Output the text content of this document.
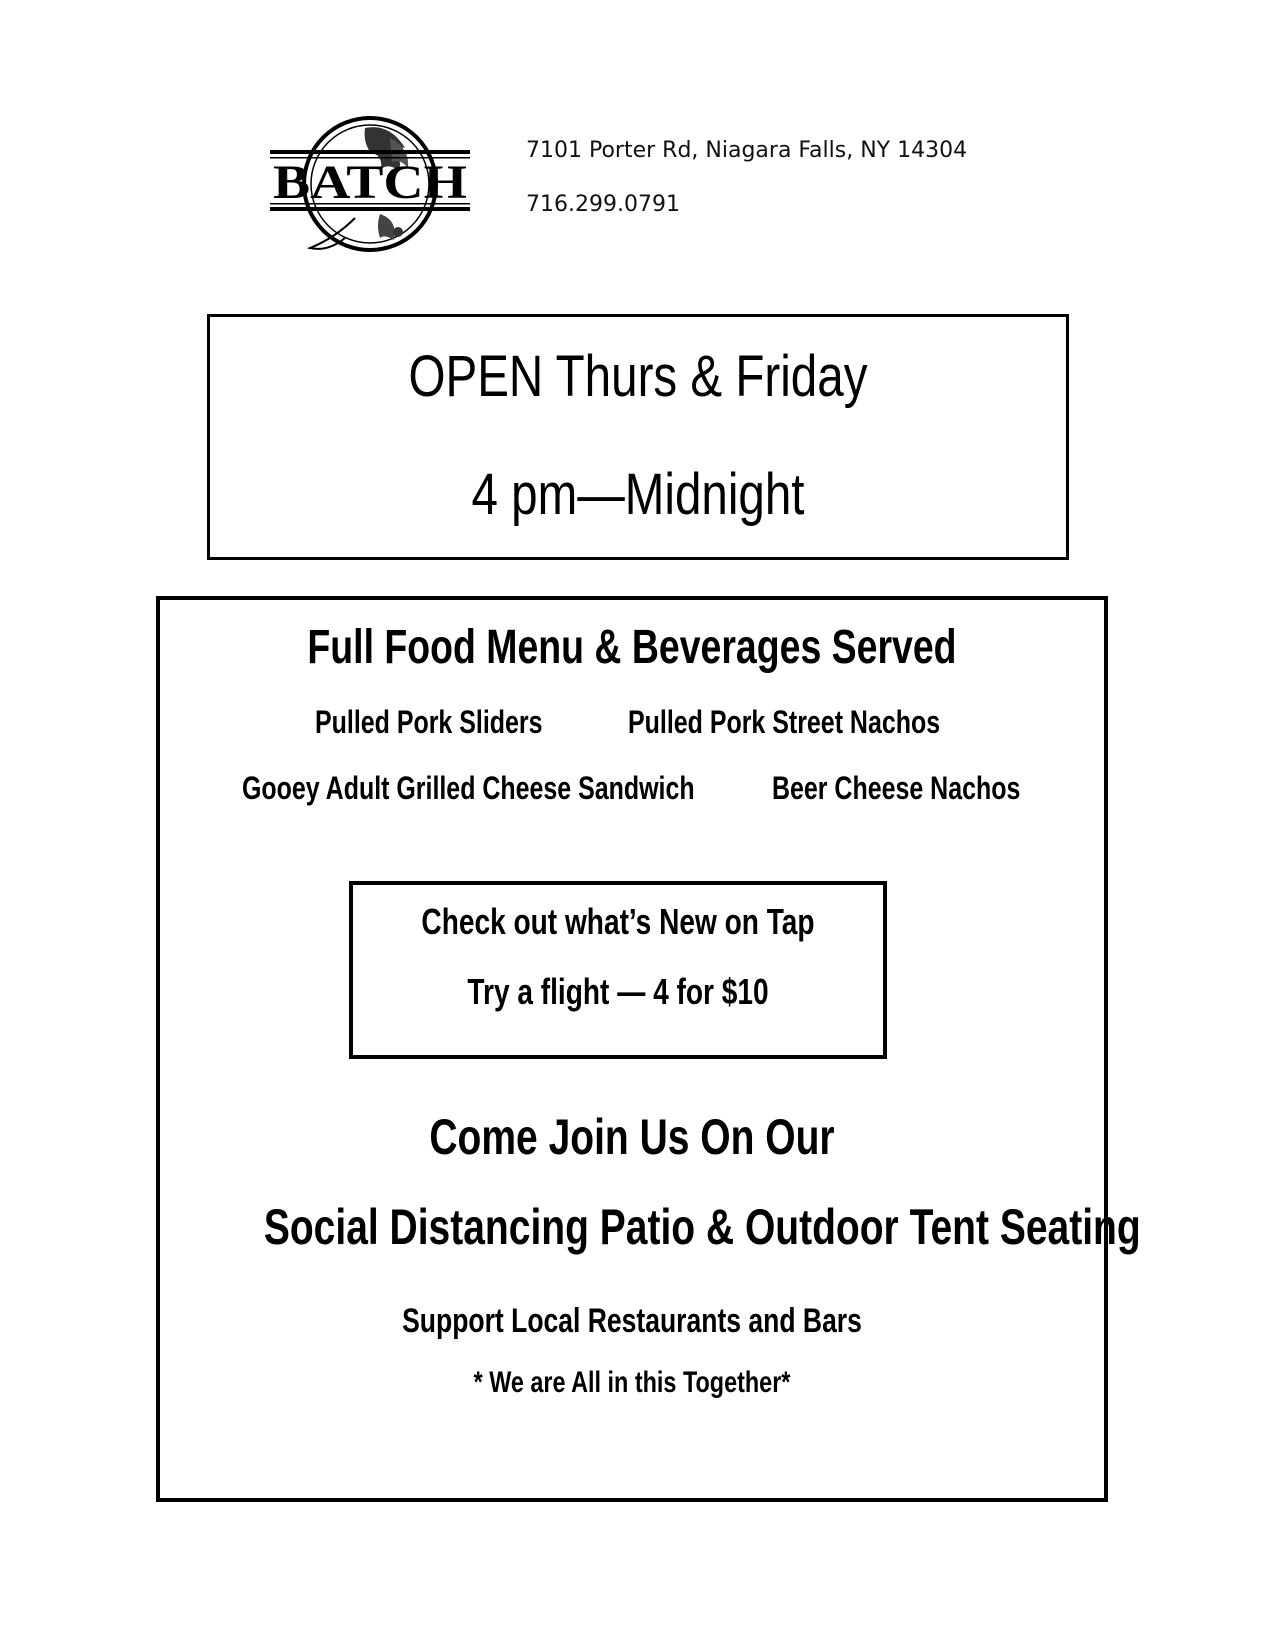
BATCH
7101 Porter Rd, Niagara Falls, NY 14304
716.299.0791
OPEN Thurs & Friday
4 pm—Midnight
Full Food Menu & Beverages Served
Pulled Pork Sliders	Pulled Pork Street Nachos
Gooey Adult Grilled Cheese Sandwich Beer Cheese Nachos
Check out what’s New on Tap
Try a flight — 4 for $10
Come Join Us On Our
Social Distancing Patio & Outdoor Tent Seating
Support Local Restaurants and Bars
* We are All in this Together*
